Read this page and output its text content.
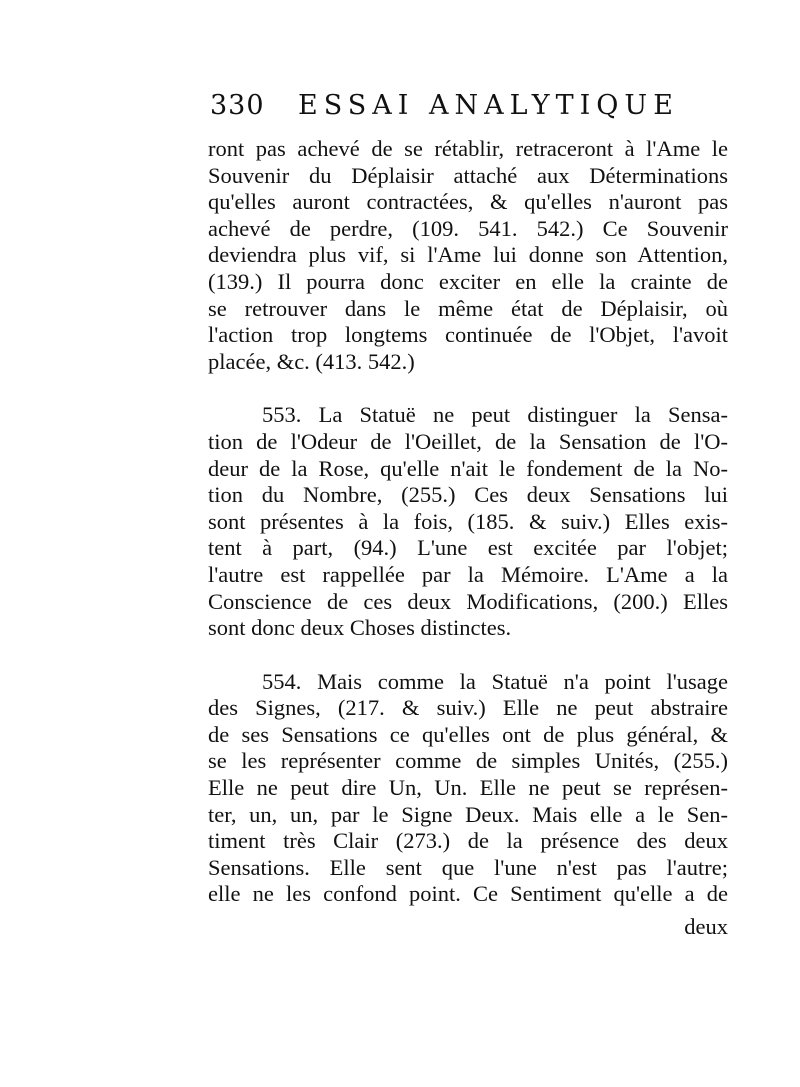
330 ESSAI ANALYTIQUE
ront pas achevé de se rétablir, retraceront à l'Ame le
Souvenir du Déplaisir attaché aux Déterminations
qu'elles auront contractées, & qu'elles n'auront pas
achevé de perdre, (109. 541. 542.) Ce Souvenir
deviendra plus vif, si l'Ame lui donne son Attention,
(139.) Il pourra donc exciter en elle la crainte de
se retrouver dans le même état de Déplaisir, où
l'action trop longtems continuée de l'Objet, l'avoit
placée, &c. (413. 542.)
553. La Statuë ne peut distinguer la Sensa-
tion de l'Odeur de l'Oeillet, de la Sensation de l'O-
deur de la Rose, qu'elle n'ait le fondement de la No-
tion du Nombre, (255.) Ces deux Sensations lui
sont présentes à la fois, (185. & suiv.) Elles exis-
tent à part, (94.) L'une est excitée par l'objet;
l'autre est rappellée par la Mémoire. L'Ame a la
Conscience de ces deux Modifications, (200.) Elles
sont donc deux Choses distinctes.
554. Mais comme la Statuë n'a point l'usage
des Signes, (217. & suiv.) Elle ne peut abstraire
de ses Sensations ce qu'elles ont de plus général, &
se les représenter comme de simples Unités, (255.)
Elle ne peut dire Un, Un. Elle ne peut se représen-
ter, un, un, par le Signe Deux. Mais elle a le Sen-
timent très Clair (273.) de la présence des deux
Sensations. Elle sent que l'une n'est pas l'autre;
elle ne les confond point. Ce Sentiment qu'elle a de
deux
